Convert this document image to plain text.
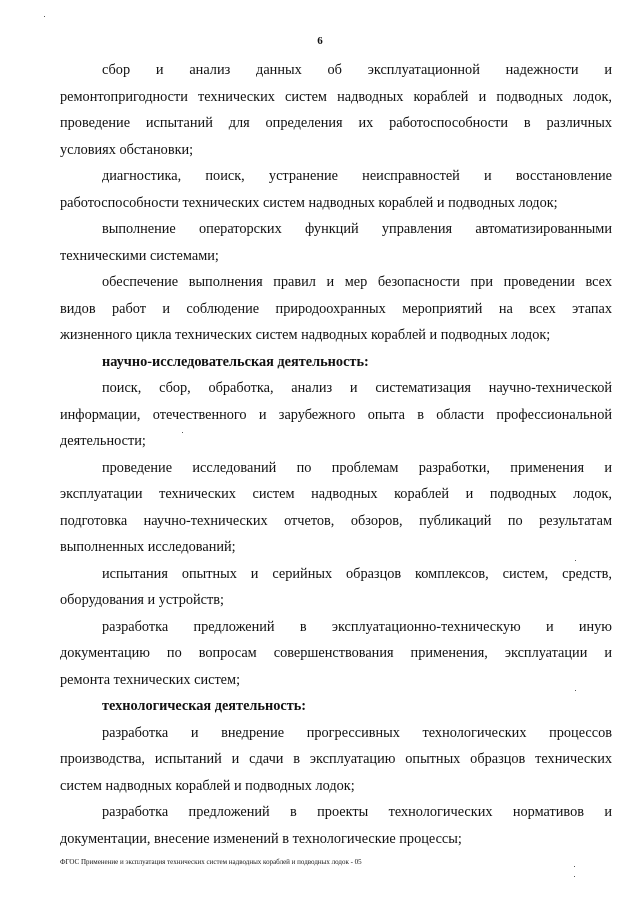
6
сбор и анализ данных об эксплуатационной надежности и
ремонтопригодности технических систем надводных кораблей и подводных лодок,
проведение испытаний для определения их работоспособности в различных
условиях обстановки;
диагностика, поиск, устранение неисправностей и восстановление
работоспособности технических систем надводных кораблей и подводных лодок;
выполнение операторских функций управления автоматизированными
техническими системами;
обеспечение выполнения правил и мер безопасности при проведении всех
видов работ и соблюдение природоохранных мероприятий на всех этапах
жизненного цикла технических систем надводных кораблей и подводных лодок;
научно-исследовательская деятельность:
поиск, сбор, обработка, анализ и систематизация научно-технической
информации, отечественного и зарубежного опыта в области профессиональной
деятельности;
проведение исследований по проблемам разработки, применения и
эксплуатации технических систем надводных кораблей и подводных лодок,
подготовка научно-технических отчетов, обзоров, публикаций по результатам
выполненных исследований;
испытания опытных и серийных образцов комплексов, систем, средств,
оборудования и устройств;
разработка предложений в эксплуатационно-техническую и иную
документацию по вопросам совершенствования применения, эксплуатации и
ремонта технических систем;
технологическая деятельность:
разработка и внедрение прогрессивных технологических процессов
производства, испытаний и сдачи в эксплуатацию опытных образцов технических
систем надводных кораблей и подводных лодок;
разработка предложений в проекты технологических нормативов и
документации, внесение изменений в технологические процессы;
ФГОС Применение и эксплуатация технических систем надводных кораблей и подводных лодок - 05
